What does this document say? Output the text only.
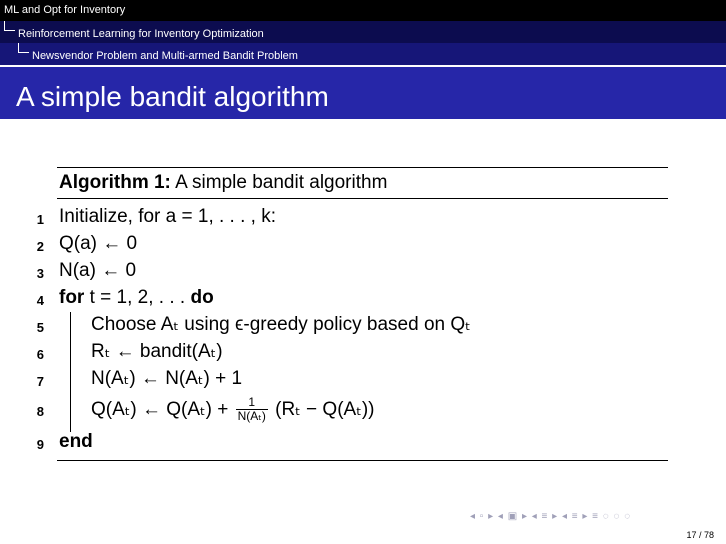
ML and Opt for Inventory
Reinforcement Learning for Inventory Optimization
Newsvendor Problem and Multi-armed Bandit Problem
A simple bandit algorithm
Algorithm 1: A simple bandit algorithm
1 Initialize, for a = 1, . . . , k:
2 Q(a) ← 0
3 N(a) ← 0
4 for t = 1, 2, . . . do
5 Choose Aₜ using ϵ-greedy policy based on Qₜ
6 Rₜ ← bandit(Aₜ)
7 N(Aₜ) ← N(Aₜ) + 1
8 Q(Aₜ) ← $Q(A_t) + \frac{1}{\text{N(Aₜ)}} (R_t - Q(A_t))$
9 end
◂ ▫ ▸ ◂ ▣ ▸ ◂ ≡ ▸ ◂ ≡ ▸ ≡ ◌ ◌ ◌
17 / 78
